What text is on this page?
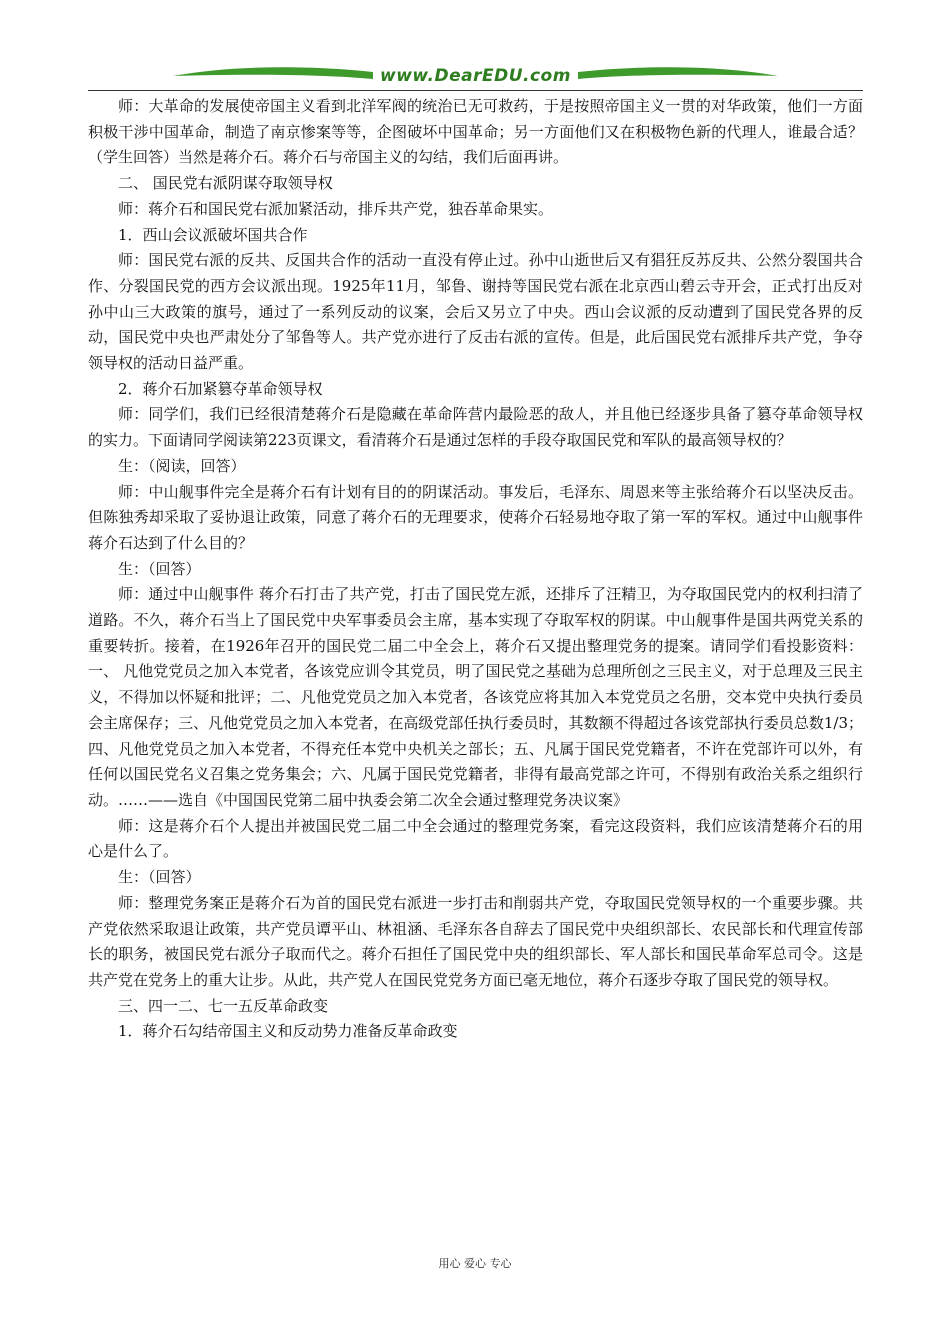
www.DearEDU.com

师：大革命的发展使帝国主义看到北洋军阀的统治已无可救药，于是按照帝国主义一贯的对华政策，他们一方面积极干涉中国革命，制造了南京惨案等等，企图破坏中国革命；另一方面他们又在积极物色新的代理人，谁最合适？（学生回答）当然是蒋介石。蒋介石与帝国主义的勾结，我们后面再讲。

二、 国民党右派阴谋夺取领导权

师：蒋介石和国民党右派加紧活动，排斥共产党，独吞革命果实。

1．西山会议派破坏国共合作

师：国民党右派的反共、反国共合作的活动一直没有停止过。孙中山逝世后又有猖狂反苏反共、公然分裂国共合作、分裂国民党的西方会议派出现。1925年11月，邹鲁、谢持等国民党右派在北京西山碧云寺开会，正式打出反对孙中山三大政策的旗号，通过了一系列反动的议案，会后又另立了中央。西山会议派的反动遭到了国民党各界的反动，国民党中央也严肃处分了邹鲁等人。共产党亦进行了反击右派的宣传。但是，此后国民党右派排斥共产党，争夺领导权的活动日益严重。

2．蒋介石加紧篡夺革命领导权

师：同学们，我们已经很清楚蒋介石是隐藏在革命阵营内最险恶的敌人，并且他已经逐步具备了篡夺革命领导权的实力。下面请同学阅读第223页课文，看清蒋介石是通过怎样的手段夺取国民党和军队的最高领导权的？

生：（阅读，回答）

师：中山舰事件完全是蒋介石有计划有目的的阴谋活动。事发后，毛泽东、周恩来等主张给蒋介石以坚决反击。但陈独秀却采取了妥协退让政策，同意了蒋介石的无理要求，使蒋介石轻易地夺取了第一军的军权。通过中山舰事件蒋介石达到了什么目的？

生：（回答）

师：通过中山舰事件 蒋介石打击了共产党，打击了国民党左派，还排斥了汪精卫，为夺取国民党内的权利扫清了道路。不久，蒋介石当上了国民党中央军事委员会主席，基本实现了夺取军权的阴谋。中山舰事件是国共两党关系的重要转折。接着，在1926年召开的国民党二届二中全会上，蒋介石又提出整理党务的提案。请同学们看投影资料：一、 凡他党党员之加入本党者，各该党应训令其党员，明了国民党之基础为总理所创之三民主义，对于总理及三民主义，不得加以怀疑和批评；二、凡他党党员之加入本党者，各该党应将其加入本党党员之名册，交本党中央执行委员会主席保存；三、凡他党党员之加入本党者，在高级党部任执行委员时，其数额不得超过各该党部执行委员总数1/3；四、凡他党党员之加入本党者，不得充任本党中央机关之部长；五、凡属于国民党党籍者，不许在党部许可以外，有任何以国民党名义召集之党务集会；六、凡属于国民党党籍者，非得有最高党部之许可，不得别有政治关系之组织行动。……——选自《中国国民党第二届中执委会第二次全会通过整理党务决议案》

师：这是蒋介石个人提出并被国民党二届二中全会通过的整理党务案，看完这段资料，我们应该清楚蒋介石的用心是什么了。

生：（回答）

师：整理党务案正是蒋介石为首的国民党右派进一步打击和削弱共产党，夺取国民党领导权的一个重要步骤。共产党依然采取退让政策，共产党员谭平山、林祖涵、毛泽东各自辞去了国民党中央组织部长、农民部长和代理宣传部长的职务，被国民党右派分子取而代之。蒋介石担任了国民党中央的组织部长、军人部长和国民革命军总司令。这是共产党在党务上的重大让步。从此，共产党人在国民党党务方面已毫无地位，蒋介石逐步夺取了国民党的领导权。

三、四一二、七一五反革命政变

1．蒋介石勾结帝国主义和反动势力准备反革命政变

用心 爱心 专心
